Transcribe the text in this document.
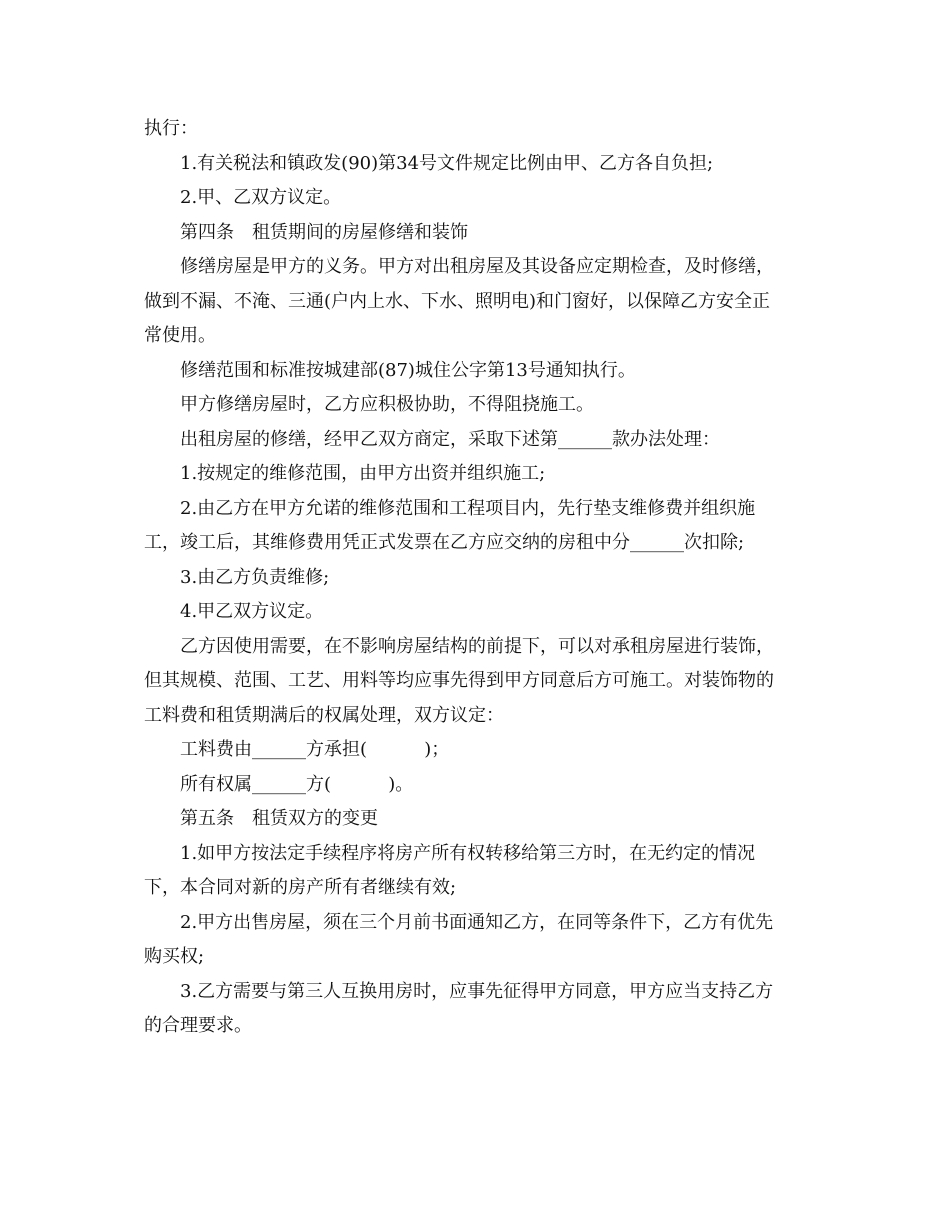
执行：
1.有关税法和镇政发(90)第34号文件规定比例由甲、乙方各自负担;
2.甲、乙双方议定。
第四条　租赁期间的房屋修缮和装饰
修缮房屋是甲方的义务。甲方对出租房屋及其设备应定期检查，及时修缮，
做到不漏、不淹、三通(户内上水、下水、照明电)和门窗好，以保障乙方安全正
常使用。
修缮范围和标准按城建部(87)城住公字第13号通知执行。
甲方修缮房屋时，乙方应积极协助，不得阻挠施工。
出租房屋的修缮，经甲乙双方商定，采取下述第______款办法处理：
1.按规定的维修范围，由甲方出资并组织施工;
2.由乙方在甲方允诺的维修范围和工程项目内，先行垫支维修费并组织施
工，竣工后，其维修费用凭正式发票在乙方应交纳的房租中分______次扣除;
3.由乙方负责维修;
4.甲乙双方议定。
乙方因使用需要，在不影响房屋结构的前提下，可以对承租房屋进行装饰，
但其规模、范围、工艺、用料等均应事先得到甲方同意后方可施工。对装饰物的
工料费和租赁期满后的权属处理，双方议定：
工料费由______方承担(          )；
所有权属______方(          )。
第五条　租赁双方的变更
1.如甲方按法定手续程序将房产所有权转移给第三方时，在无约定的情况
下，本合同对新的房产所有者继续有效;
2.甲方出售房屋，须在三个月前书面通知乙方，在同等条件下，乙方有优先
购买权;
3.乙方需要与第三人互换用房时，应事先征得甲方同意，甲方应当支持乙方
的合理要求。
